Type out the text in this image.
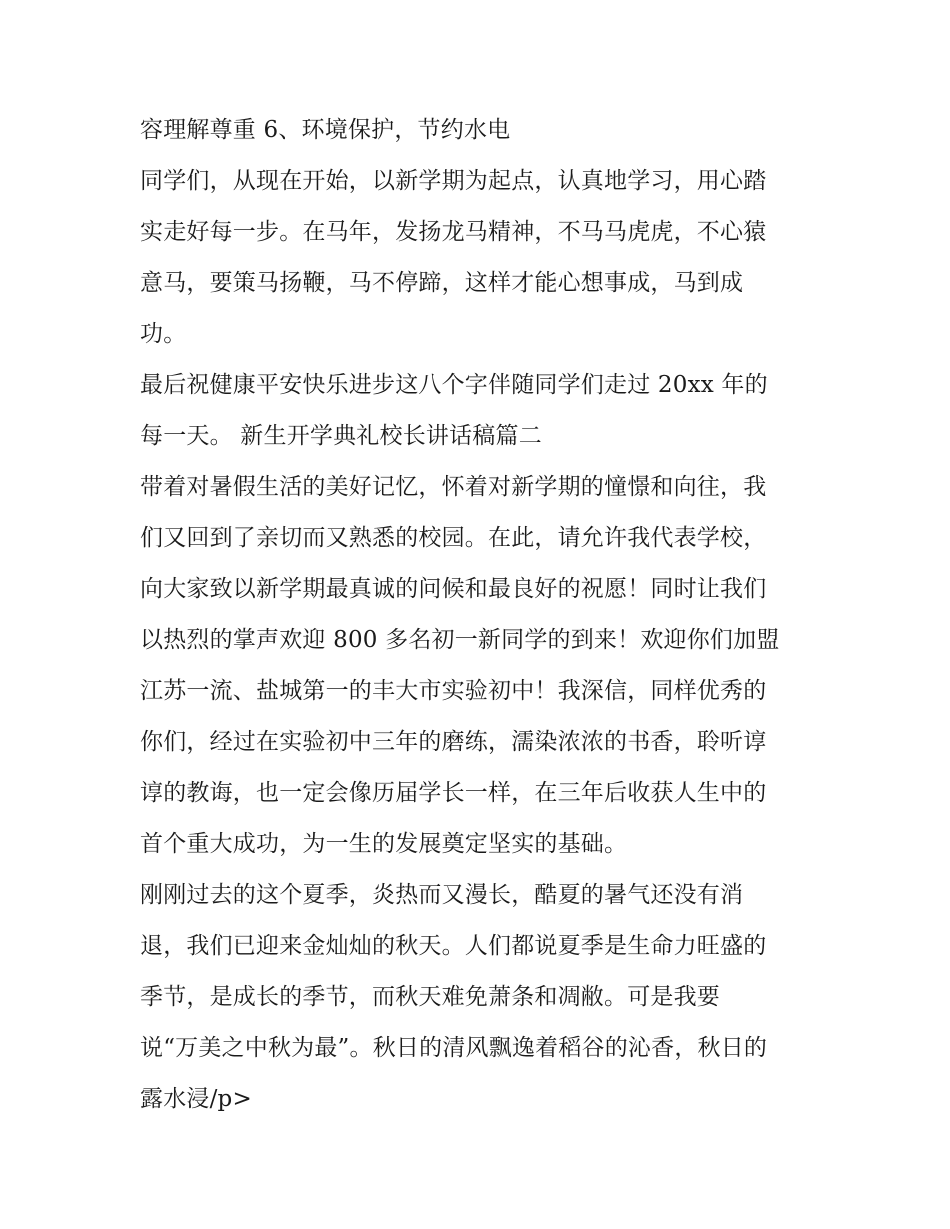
容理解尊重 6、环境保护，节约水电
同学们，从现在开始，以新学期为起点，认真地学习，用心踏
实走好每一步。在马年，发扬龙马精神，不马马虎虎，不心猿
意马，要策马扬鞭，马不停蹄，这样才能心想事成，马到成
功。
最后祝健康平安快乐进步这八个字伴随同学们走过 20xx 年的
每一天。 新生开学典礼校长讲话稿篇二
带着对暑假生活的美好记忆，怀着对新学期的憧憬和向往，我
们又回到了亲切而又熟悉的校园。在此，请允许我代表学校，
向大家致以新学期最真诚的问候和最良好的祝愿！同时让我们
以热烈的掌声欢迎 800 多名初一新同学的到来！欢迎你们加盟
江苏一流、盐城第一的丰大市实验初中！我深信，同样优秀的
你们，经过在实验初中三年的磨练，濡染浓浓的书香，聆听谆
谆的教诲，也一定会像历届学长一样，在三年后收获人生中的
首个重大成功，为一生的发展奠定坚实的基础。
刚刚过去的这个夏季，炎热而又漫长，酷夏的暑气还没有消
退，我们已迎来金灿灿的秋天。人们都说夏季是生命力旺盛的
季节，是成长的季节，而秋天难免萧条和凋敝。可是我要
说“万美之中秋为最”。秋日的清风飘逸着稻谷的沁香，秋日的
露水浸/p>
